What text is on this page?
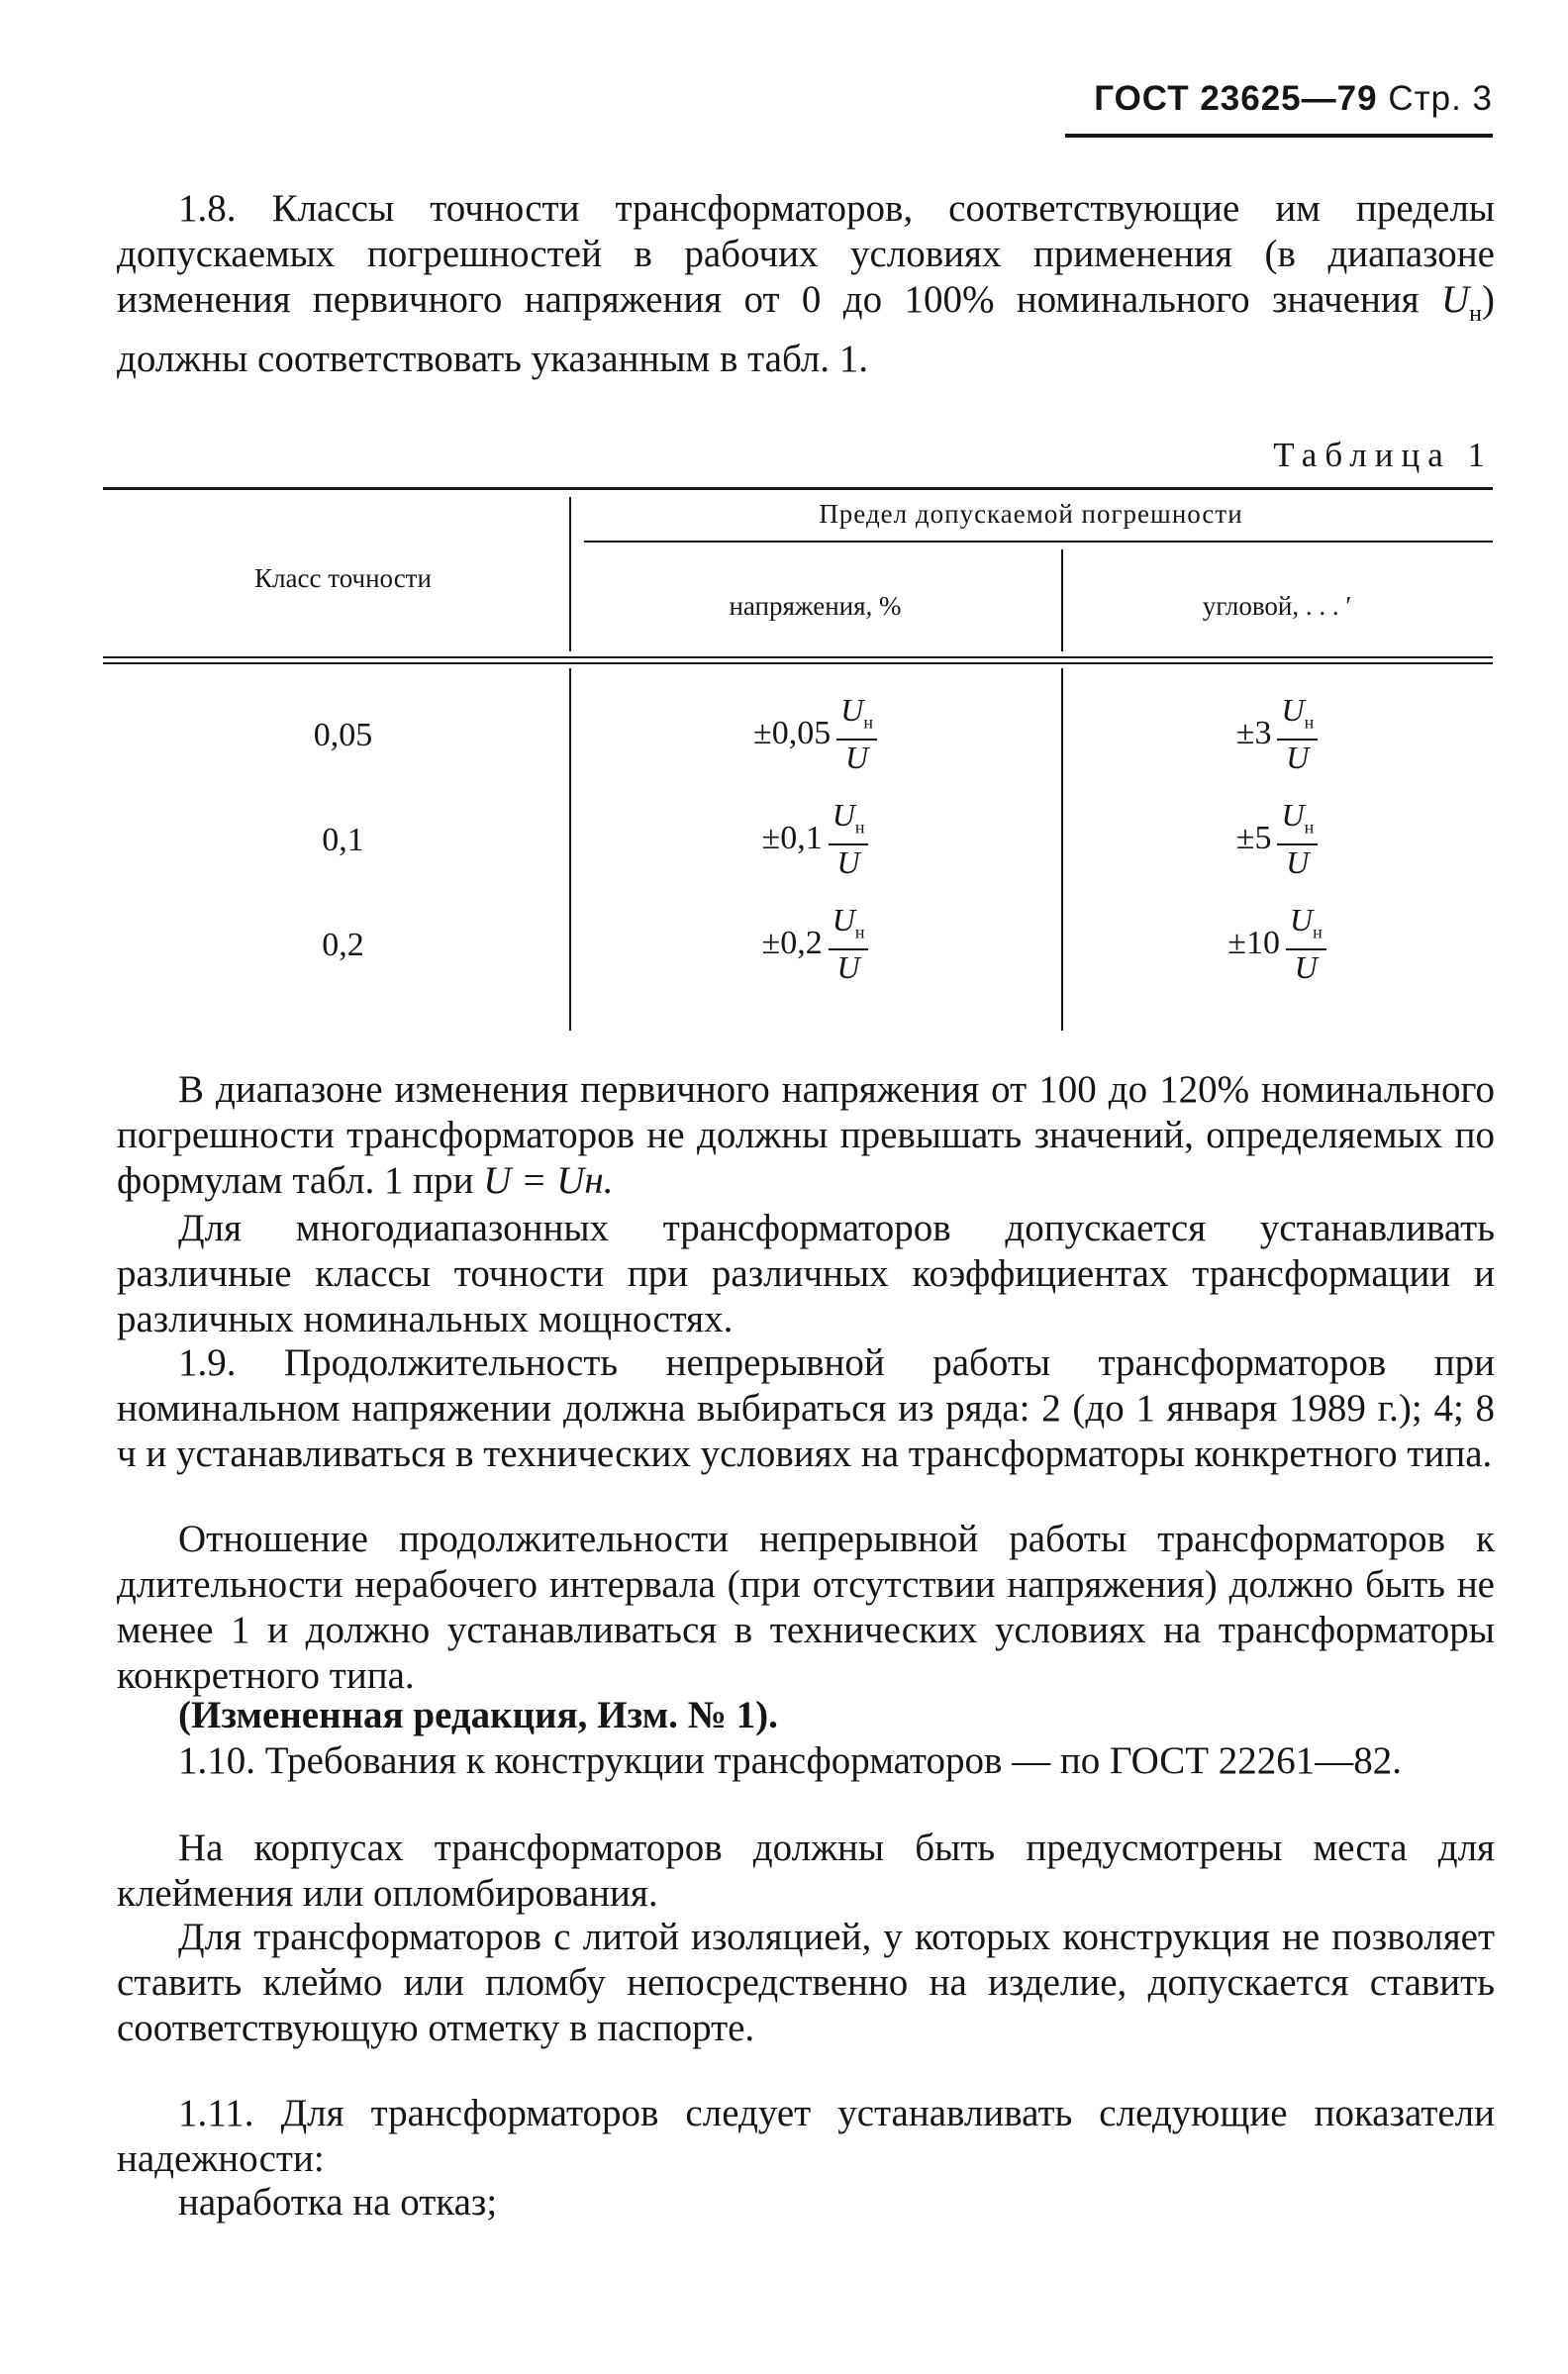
ГОСТ 23625—79 Стр. 3

1.8. Классы точности трансформаторов, соответствующие им пределы допускаемых погрешностей в рабочих условиях применения (в диапазоне изменения первичного напряжения от 0 до 100% номинального значения $U_н$) должны соответствовать указанным в табл. 1.

Таблица 1
Предел допускаемой погрешности
Класс точности
напряжения, %	угловой, . . . ′
0,05	$\pm 0,05 \frac{U_н}{U}$	$\pm 3 \frac{U_н}{U}$
0,1	$\pm 0,1 \frac{U_н}{U}$	$\pm 5 \frac{U_н}{U}$
0,2	$\pm 0,2 \frac{U_н}{U}$	$\pm 10 \frac{U_н}{U}$

В диапазоне изменения первичного напряжения от 100 до 120% номинального погрешности трансформаторов не должны превышать значений, определяемых по формулам табл. 1 при U = Uн.

Для многодиапазонных трансформаторов допускается устанавливать различные классы точности при различных коэффициентах трансформации и различных номинальных мощностях.

1.9. Продолжительность непрерывной работы трансформаторов при номинальном напряжении должна выбираться из ряда: 2 (до 1 января 1989 г.); 4; 8 ч и устанавливаться в технических условиях на трансформаторы конкретного типа.

Отношение продолжительности непрерывной работы трансформаторов к длительности нерабочего интервала (при отсутствии напряжения) должно быть не менее 1 и должно устанавливаться в технических условиях на трансформаторы конкретного типа.

(Измененная редакция, Изм. № 1).

1.10. Требования к конструкции трансформаторов — по ГОСТ 22261—82.

На корпусах трансформаторов должны быть предусмотрены места для клеймения или опломбирования.

Для трансформаторов с литой изоляцией, у которых конструкция не позволяет ставить клеймо или пломбу непосредственно на изделие, допускается ставить соответствующую отметку в паспорте.

1.11. Для трансформаторов следует устанавливать следующие показатели надежности:

наработка на отказ;
